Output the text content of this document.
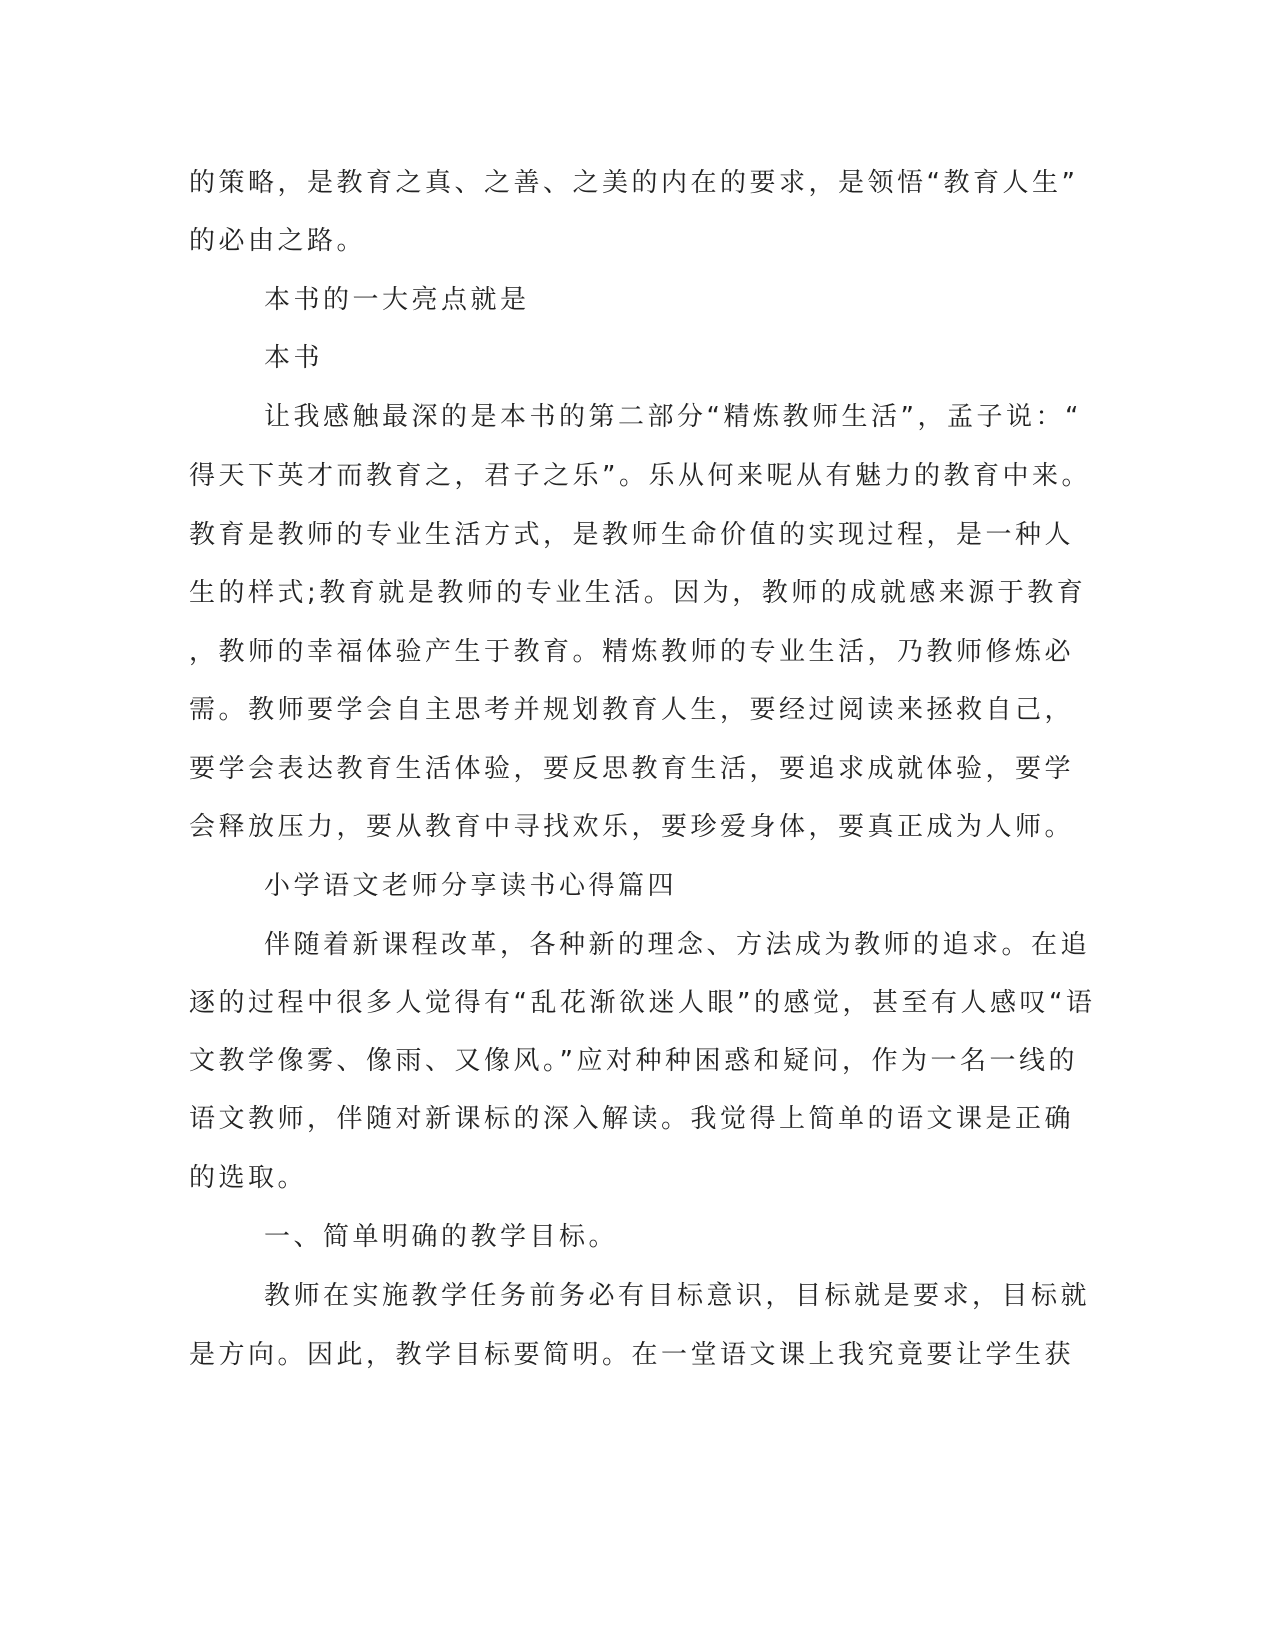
的策略，是教育之真、之善、之美的内在的要求，是领悟“教育人生”
的必由之路。
本书的一大亮点就是
本书
让我感触最深的是本书的第二部分“精炼教师生活”，孟子说：“
得天下英才而教育之，君子之乐”。乐从何来呢从有魅力的教育中来。
教育是教师的专业生活方式，是教师生命价值的实现过程，是一种人
生的样式;教育就是教师的专业生活。因为，教师的成就感来源于教育
，教师的幸福体验产生于教育。精炼教师的专业生活，乃教师修炼必
需。教师要学会自主思考并规划教育人生，要经过阅读来拯救自己，
要学会表达教育生活体验，要反思教育生活，要追求成就体验，要学
会释放压力，要从教育中寻找欢乐，要珍爱身体，要真正成为人师。
小学语文老师分享读书心得篇四
伴随着新课程改革，各种新的理念、方法成为教师的追求。在追
逐的过程中很多人觉得有“乱花渐欲迷人眼”的感觉，甚至有人感叹“语
文教学像雾、像雨、又像风。”应对种种困惑和疑问，作为一名一线的
语文教师，伴随对新课标的深入解读。我觉得上简单的语文课是正确
的选取。
一、简单明确的教学目标。
教师在实施教学任务前务必有目标意识，目标就是要求，目标就
是方向。因此，教学目标要简明。在一堂语文课上我究竟要让学生获
